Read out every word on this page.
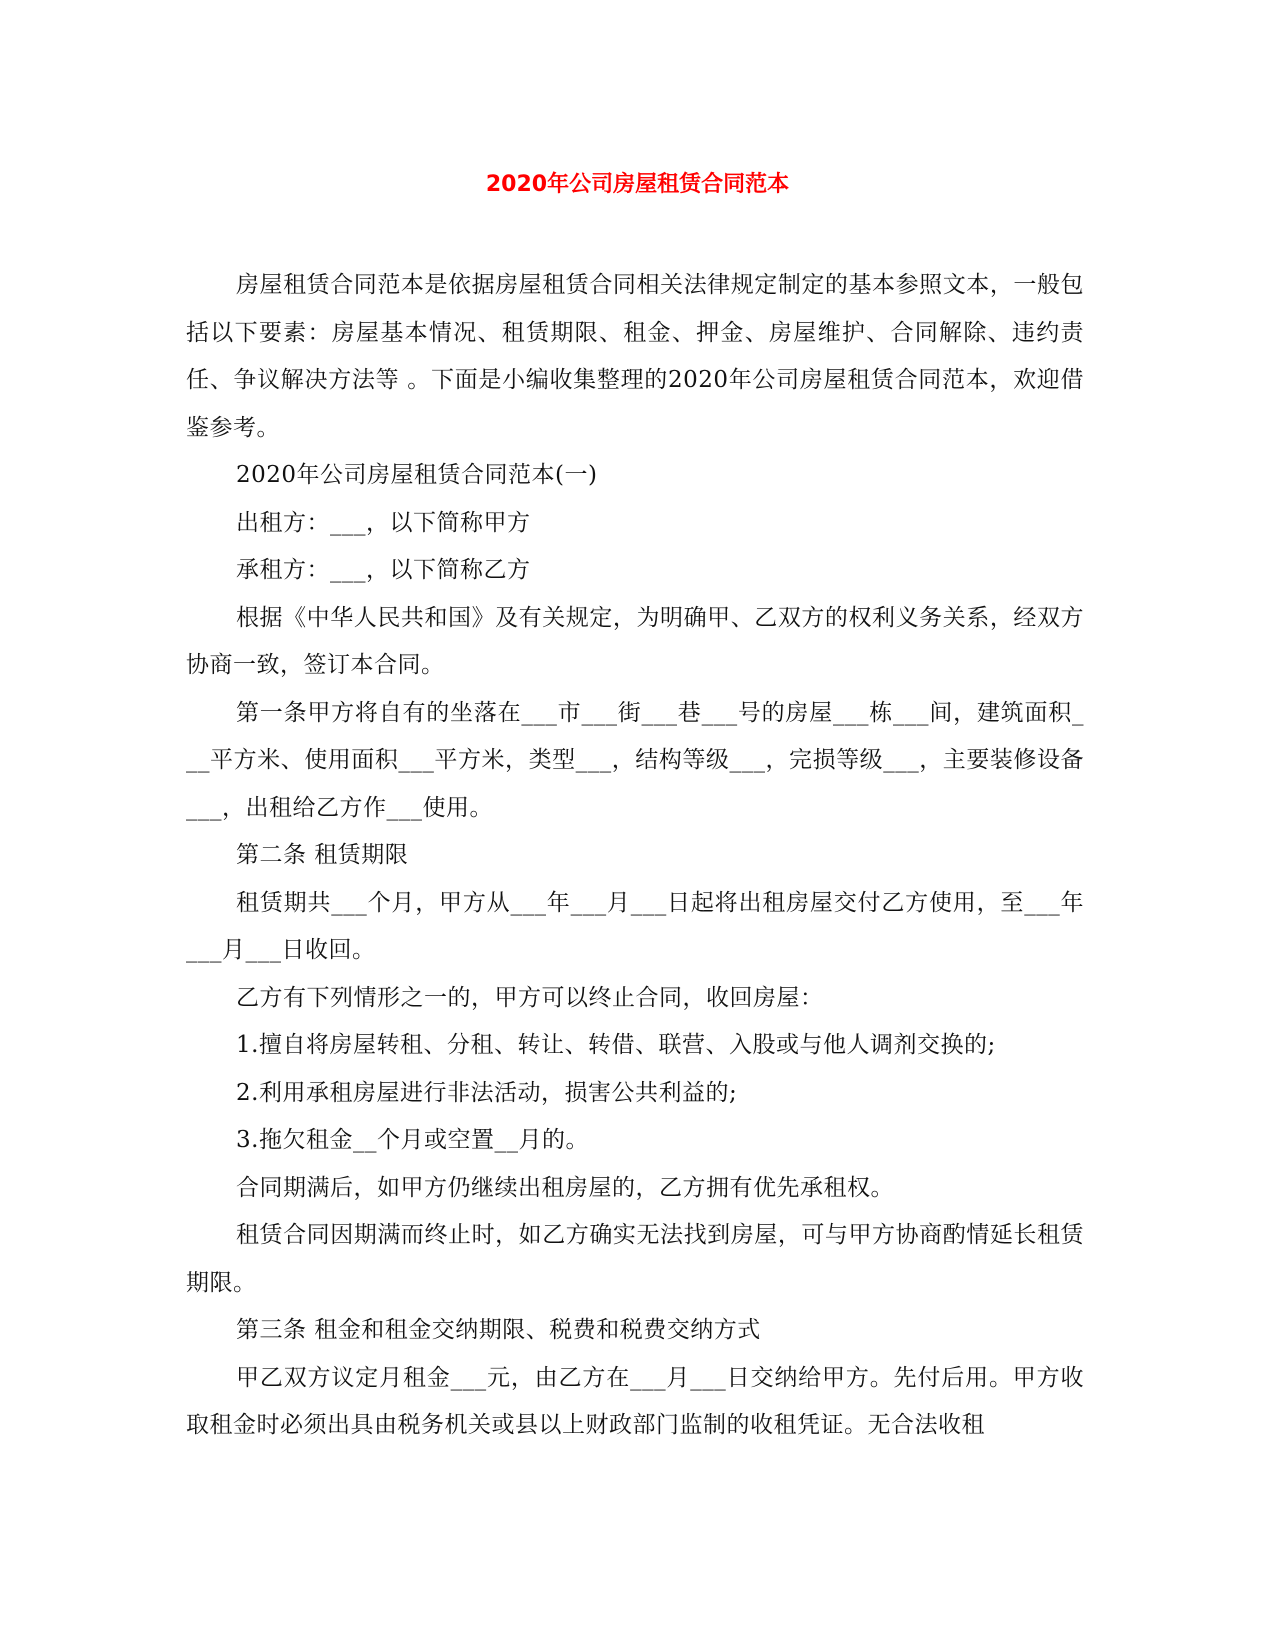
2020年公司房屋租赁合同范本

房屋租赁合同范本是依据房屋租赁合同相关法律规定制定的基本参照文本，一般包括以下要素：房屋基本情况、租赁期限、租金、押金、房屋维护、合同解除、违约责任、争议解决方法等 。下面是小编收集整理的2020年公司房屋租赁合同范本，欢迎借鉴参考。

2020年公司房屋租赁合同范本(一)

出租方：___，以下简称甲方

承租方：___，以下简称乙方

根据《中华人民共和国》及有关规定，为明确甲、乙双方的权利义务关系，经双方协商一致，签订本合同。

第一条甲方将自有的坐落在___市___街___巷___号的房屋___栋___间，建筑面积___平方米、使用面积___平方米，类型___，结构等级___，完损等级___，主要装修设备___，出租给乙方作___使用。

第二条 租赁期限

租赁期共___个月，甲方从___年___月___日起将出租房屋交付乙方使用，至___年___月___日收回。

乙方有下列情形之一的，甲方可以终止合同，收回房屋：

1.擅自将房屋转租、分租、转让、转借、联营、入股或与他人调剂交换的;

2.利用承租房屋进行非法活动，损害公共利益的;

3.拖欠租金__个月或空置__月的。

合同期满后，如甲方仍继续出租房屋的，乙方拥有优先承租权。

租赁合同因期满而终止时，如乙方确实无法找到房屋，可与甲方协商酌情延长租赁期限。

第三条 租金和租金交纳期限、税费和税费交纳方式

甲乙双方议定月租金___元，由乙方在___月___日交纳给甲方。先付后用。甲方收取租金时必须出具由税务机关或县以上财政部门监制的收租凭证。无合法收租
